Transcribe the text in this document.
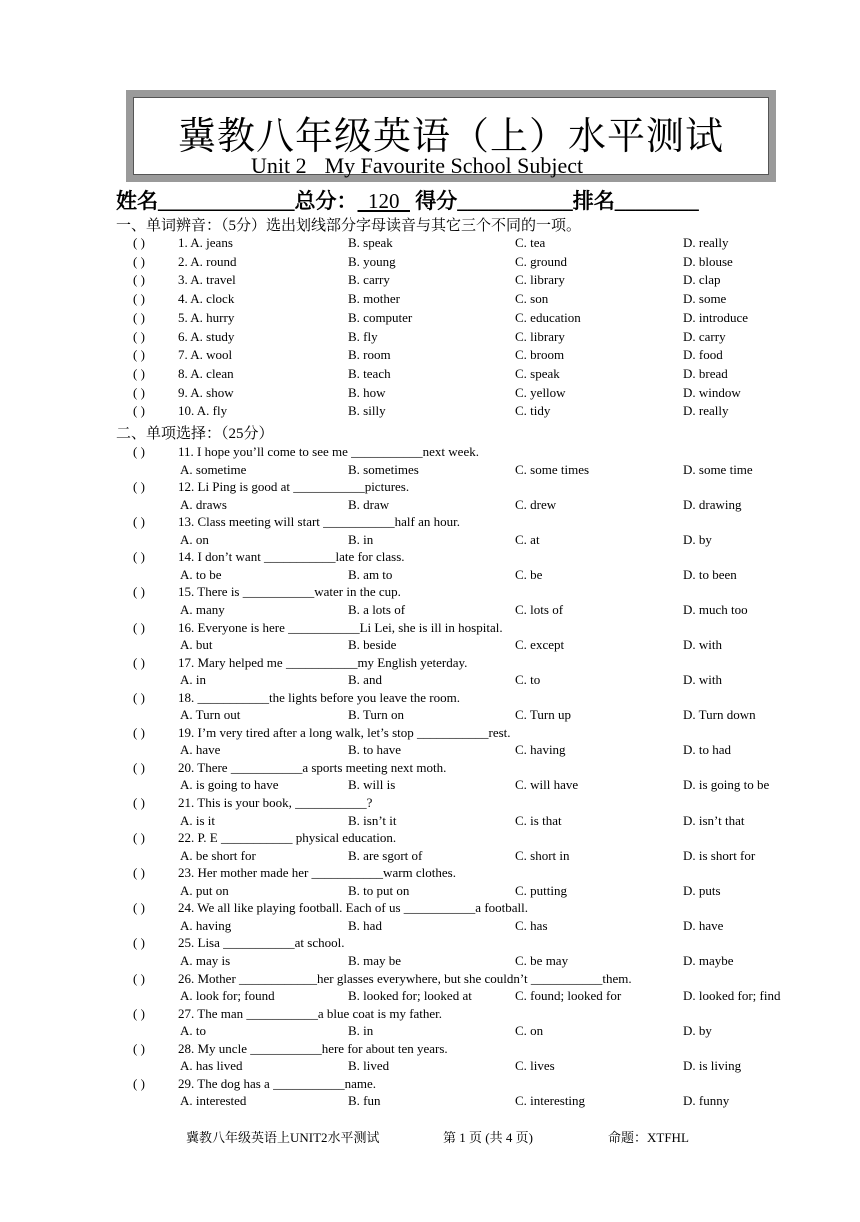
冀教八年级英语（上）水平测试
Unit 2 My Favourite School Subject
姓名_____________总分：  120   得分___________排名________
一、单词辨音：（5分）选出划线部分字母读音与其它三个不同的一项。
( )	1. A. jeans	B. speak	C. tea	D. really
( )	2. A. round	B. young	C. ground	D. blouse
( )	3. A. travel	B. carry	C. library	D. clap
( )	4. A. clock	B. mother	C. son	D. some
( )	5. A. hurry	B. computer	C. education	D. introduce
( )	6. A. study	B. fly	C. library	D. carry
( )	7. A. wool	B. room	C. broom	D. food
( )	8. A. clean	B. teach	C. speak	D. bread
( )	9. A. show	B. how	C. yellow	D. window
( )	10. A. fly	B. silly	C. tidy	D. really
二、单项选择：（25分）
( )	11. I hope you’ll come to see me ___________next week.
A. sometime	B. sometimes	C. some times	D. some time
( )	12. Li Ping is good at ___________pictures.
A. draws	B. draw	C. drew	D. drawing
( )	13. Class meeting will start ___________half an hour.
A. on	B. in	C. at	D. by
( )	14. I don’t want ___________late for class.
A. to be	B. am to	C. be	D. to been
( )	15. There is ___________water in the cup.
A. many	B. a lots of	C. lots of	D. much too
( )	16. Everyone is here ___________Li Lei, she is ill in hospital.
A. but	B. beside	C. except	D. with
( )	17. Mary helped me ___________my English yeterday.
A. in	B. and	C. to	D. with
( )	18. ___________the lights before you leave the room.
A. Turn out	B. Turn on	C. Turn up	D. Turn down
( )	19. I’m very tired after a long walk, let’s stop ___________rest.
A. have	B. to have	C. having	D. to had
( )	20. There ___________a sports meeting next moth.
A. is going to have	B. will is	C. will have	D. is going to be
( )	21. This is your book, ___________?
A. is it	B. isn’t it	C. is that	D. isn’t that
( )	22. P. E ___________ physical education.
A. be short for	B. are sgort of	C. short in	D. is short for
( )	23. Her mother made her ___________warm clothes.
A. put on	B. to put on	C. putting	D. puts
( )	24. We all like playing football. Each of us ___________a football.
A. having	B. had	C. has	D. have
( )	25. Lisa ___________at school.
A. may is	B. may be	C. be may	D. maybe
( )	26. Mother ____________her glasses everywhere, but she couldn’t ___________them.
A. look for; found	B. looked for; looked at	C. found; looked for	D. looked for; find
( )	27. The man ___________a blue coat is my father.
A. to	B. in	C. on	D. by
( )	28. My uncle ___________here for about ten years.
A. has lived	B. lived	C. lives	D. is living
( )	29. The dog has a ___________name.
A. interested	B. fun	C. interesting	D. funny
冀教八年级英语上UNIT2水平测试	第 1 页 (共 4 页)	命题：XTFHL
